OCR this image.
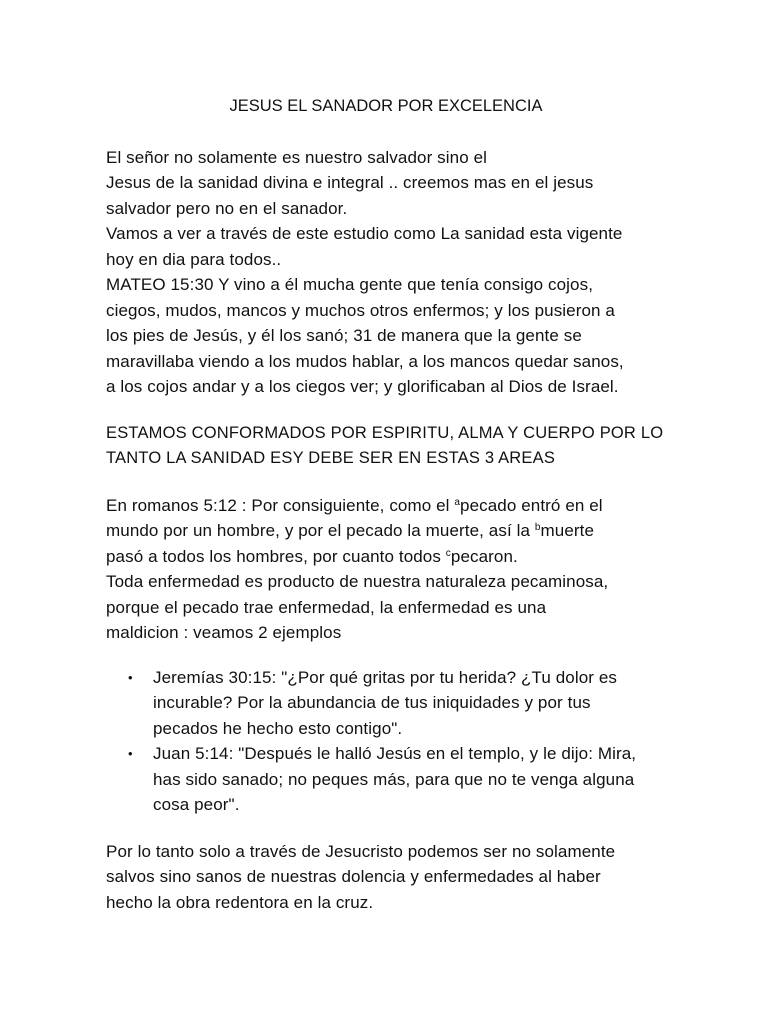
JESUS EL SANADOR POR EXCELENCIA
El señor no solamente es nuestro salvador sino el
Jesus de la sanidad divina e integral .. creemos mas en el jesus
salvador pero no en el sanador.
Vamos a ver a través de este estudio como La sanidad esta vigente
hoy en dia para todos..
MATEO 15:30 Y vino a él mucha gente que tenía consigo cojos,
ciegos, mudos, mancos y muchos otros enfermos; y los pusieron a
los pies de Jesús, y él los sanó; 31 de manera que la gente se
maravillaba viendo a los mudos hablar, a los mancos quedar sanos,
a los cojos andar y a los ciegos ver; y glorificaban al Dios de Israel.
ESTAMOS CONFORMADOS POR ESPIRITU, ALMA Y CUERPO POR LO
TANTO LA SANIDAD ESY DEBE SER EN ESTAS 3 AREAS
En romanos 5:12 : Por consiguiente, como el $^a$pecado entró en el
mundo por un hombre, y por el pecado la muerte, así la $^b$muerte
pasó a todos los hombres, por cuanto todos $^c$pecaron.
Toda enfermedad es producto de nuestra naturaleza pecaminosa,
porque el pecado trae enfermedad, la enfermedad es una
maldicion : veamos 2 ejemplos
• Jeremías 30:15: "¿Por qué gritas por tu herida? ¿Tu dolor es
incurable? Por la abundancia de tus iniquidades y por tus
pecados he hecho esto contigo".
• Juan 5:14: "Después le halló Jesús en el templo, y le dijo: Mira,
has sido sanado; no peques más, para que no te venga alguna
cosa peor".
Por lo tanto solo a través de Jesucristo podemos ser no solamente
salvos sino sanos de nuestras dolencia y enfermedades al haber
hecho la obra redentora en la cruz.
